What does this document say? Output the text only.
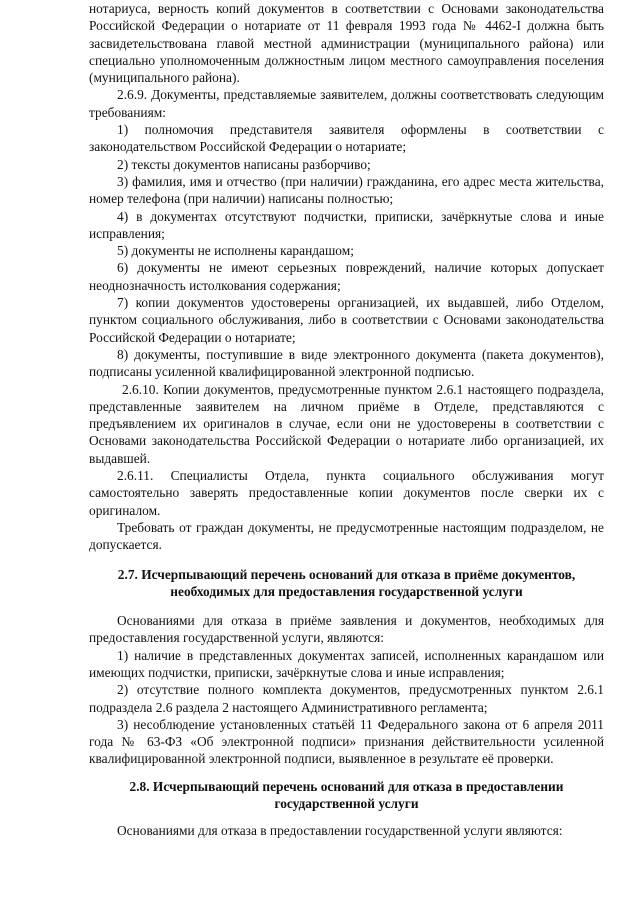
нотариуса, верность копий документов в соответствии с Основами законодательства Российской Федерации о нотариате от 11 февраля 1993 года № 4462-I должна быть засвидетельствована главой местной администрации (муниципального района) или специально уполномоченным должностным лицом местного самоуправления поселения (муниципального района).

2.6.9. Документы, представляемые заявителем, должны соответствовать следующим требованиям:

1) полномочия представителя заявителя оформлены в соответствии с законодательством Российской Федерации о нотариате;

2) тексты документов написаны разборчиво;

3) фамилия, имя и отчество (при наличии) гражданина, его адрес места жительства, номер телефона (при наличии) написаны полностью;

4) в документах отсутствуют подчистки, приписки, зачёркнутые слова и иные исправления;

5) документы не исполнены карандашом;

6) документы не имеют серьезных повреждений, наличие которых допускает неоднозначность истолкования содержания;

7) копии документов удостоверены организацией, их выдавшей, либо Отделом, пунктом социального обслуживания, либо в соответствии с Основами законодательства Российской Федерации о нотариате;

8) документы, поступившие в виде электронного документа (пакета документов), подписаны усиленной квалифицированной электронной подписью.

2.6.10. Копии документов, предусмотренные пунктом 2.6.1 настоящего подраздела, представленные заявителем на личном приёме в Отделе, представляются с предъявлением их оригиналов в случае, если они не удостоверены в соответствии с Основами законодательства Российской Федерации о нотариате либо организацией, их выдавшей.

2.6.11. Специалисты Отдела, пункта социального обслуживания могут самостоятельно заверять предоставленные копии документов после сверки их с оригиналом.

Требовать от граждан документы, не предусмотренные настоящим подразделом, не допускается.

2.7. Исчерпывающий перечень оснований для отказа в приёме документов, необходимых для предоставления государственной услуги

Основаниями для отказа в приёме заявления и документов, необходимых для предоставления государственной услуги, являются:

1) наличие в представленных документах записей, исполненных карандашом или имеющих подчистки, приписки, зачёркнутые слова и иные исправления;

2) отсутствие полного комплекта документов, предусмотренных пунктом 2.6.1 подраздела 2.6 раздела 2 настоящего Административного регламента;

3) несоблюдение установленных статьёй 11 Федерального закона от 6 апреля 2011 года № 63-ФЗ «Об электронной подписи» признания действительности усиленной квалифицированной электронной подписи, выявленное в результате её проверки.

2.8. Исчерпывающий перечень оснований для отказа в предоставлении государственной услуги

Основаниями для отказа в предоставлении государственной услуги являются:
